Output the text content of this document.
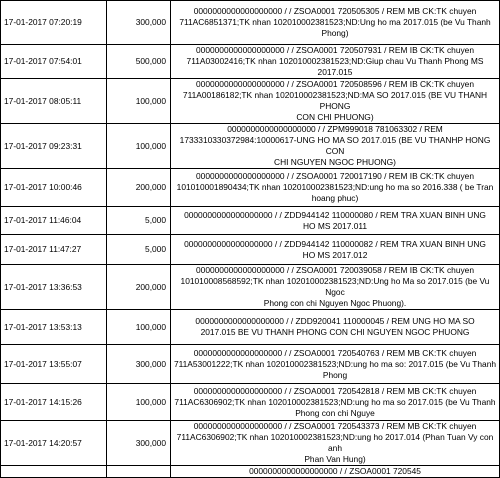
17-01-2017 07:20:19	300,000	0000000000000000000 / / ZSOA0001 720505305 / REM MB CK:TK chuyen
711AC6851371;TK nhan 102010002381523;ND:Ung ho ma 2017.015 (be Vu Thanh
Phong)

17-01-2017 07:54:01	500,000	0000000000000000000 / / ZSOA0001 720507931 / REM IB CK:TK chuyen
711A03002416;TK nhan 102010002381523;ND:Giup chau Vu Thanh Phong MS 2017.015

17-01-2017 08:05:11	100,000	0000000000000000000 / / ZSOA0001 720508596 / REM IB CK:TK chuyen
711A00186182;TK nhan 102010002381523;ND:MA SO 2017.015 (BE VU THANH PHONG
CON CHI PHUONG)

17-01-2017 09:23:31	100,000	0000000000000000000 / / ZPM999018 781063302 / REM
1733310330372984:10000617-UNG HO MA SO 2017.015 (BE VU THANHP HONG CON
CHI NGUYEN NGOC PHUONG)

17-01-2017 10:00:46	200,000	0000000000000000000 / / ZSOA0001 720017190 / REM IB CK:TK chuyen
101010001890434;TK nhan 102010002381523;ND:ung ho ma so 2016.338 ( be Tran
hoang phuc)

17-01-2017 11:46:04	5,000	0000000000000000000 / / ZDD944142 110000080 / REM TRA XUAN BINH UNG
HO MS 2017.011

17-01-2017 11:47:27	5,000	0000000000000000000 / / ZDD944142 110000082 / REM TRA XUAN BINH UNG
HO MS 2017.012

17-01-2017 13:36:53	200,000	0000000000000000000 / / ZSOA0001 720039058 / REM IB CK:TK chuyen
101010008568592;TK nhan 102010002381523;ND:Ung ho Ma so 2017.015 (be Vu Ngoc
Phong con chi Nguyen Ngoc Phuong).

17-01-2017 13:53:13	100,000	0000000000000000000 / / ZDD920041 110000045 / REM UNG HO MA SO
2017.015 BE VU THANH PHONG CON CHI NGUYEN NGOC PHUONG

17-01-2017 13:55:07	300,000	0000000000000000000 / / ZSOA0001 720540763 / REM MB CK:TK chuyen
711A53001222;TK nhan 102010002381523;ND:ung ho ma so: 2017.015 (be Vu Thanh
Phong

17-01-2017 14:15:26	100,000	0000000000000000000 / / ZSOA0001 720542818 / REM MB CK:TK chuyen
711AC6306902;TK nhan 102010002381523;ND:ung ho ma so 2017.015 (be Vu Thanh
Phong con chi Nguye

17-01-2017 14:20:57	300,000	0000000000000000000 / / ZSOA0001 720543373 / REM MB CK:TK chuyen
711AC6306902;TK nhan 102010002381523;ND:ung ho 2017.014 (Phan Tuan Vy con anh
Phan Van Hung)

		0000000000000000000 / / ZSOA0001 720545
